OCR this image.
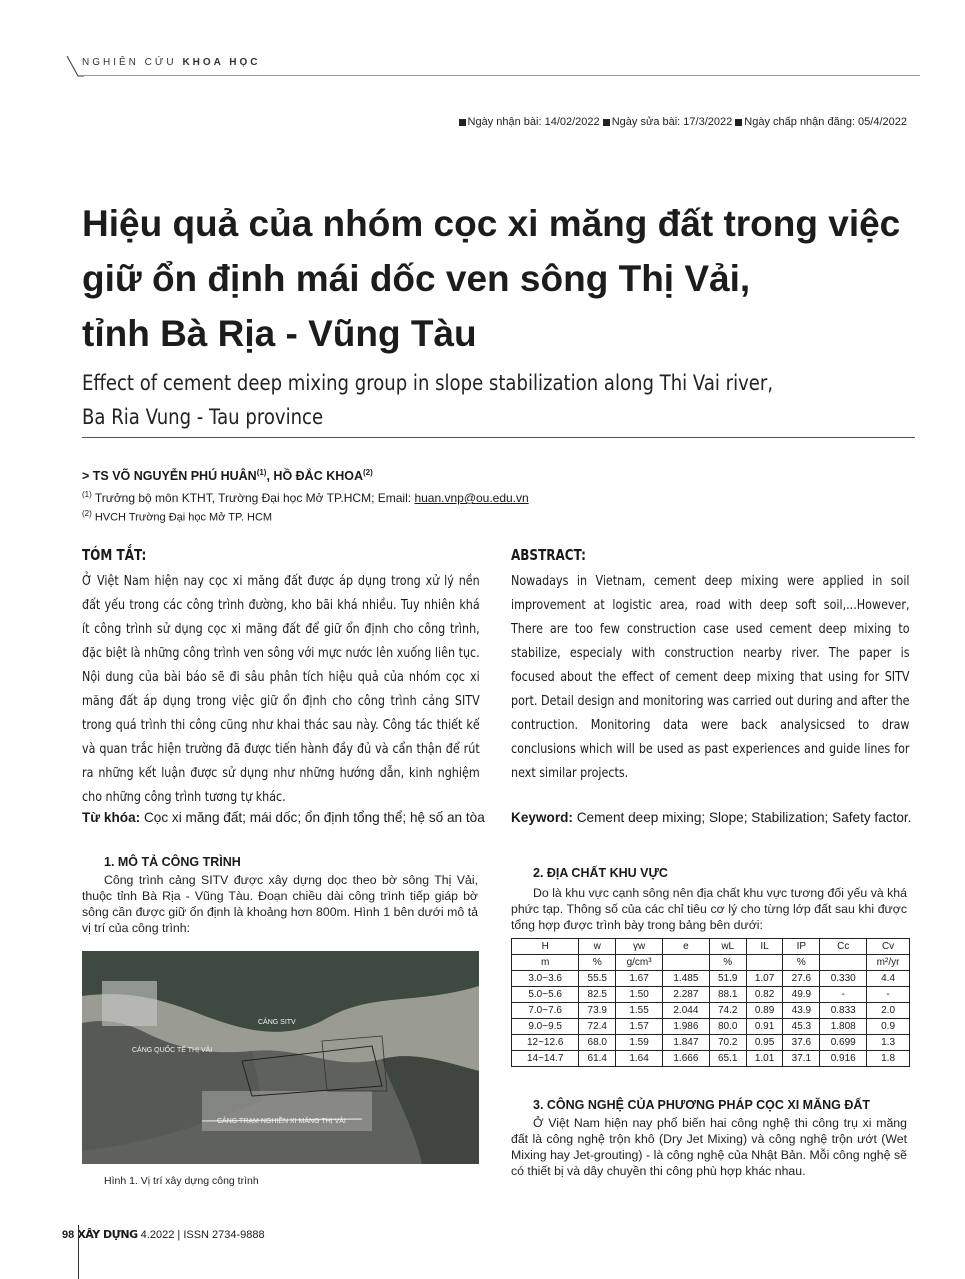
NGHIÊN CỨU KHOA HỌC
Ngày nhận bài: 14/02/2022 Ngày sửa bài: 17/3/2022 Ngày chấp nhận đăng: 05/4/2022
Hiệu quả của nhóm cọc xi măng đất trong việc
giữ ổn định mái dốc ven sông Thị Vải,
tỉnh Bà Rịa - Vũng Tàu
Effect of cement deep mixing group in slope stabilization along Thi Vai river,
Ba Ria Vung - Tau province
> TS VÕ NGUYỄN PHÚ HUÂN$^{(1)}$, HỒ ĐẮC KHOA$^{(2)}$
$^{(1)}$ Trưởng bộ môn KTHT, Trường Đại học Mở TP.HCM; Email: huan.vnp@ou.edu.vn
$^{(2)}$ HVCH Trường Đại học Mở TP. HCM
TÓM TẮT:
Ở Việt Nam hiện nay cọc xi măng đất được áp dụng trong xử lý nền đất yếu trong các công trình đường, kho bãi khá nhiều. Tuy nhiên khá ít công trình sử dụng cọc xi măng đất để giữ ổn định cho công trình, đặc biệt là những công trình ven sông với mực nước lên xuống liên tục. Nội dung của bài báo sẽ đi sâu phân tích hiệu quả của nhóm cọc xi măng đất áp dụng trong việc giữ ổn định cho công trình cảng SITV trong quá trình thi công cũng như khai thác sau này. Công tác thiết kế và quan trắc hiện trường đã được tiến hành đầy đủ và cẩn thận để rút ra những kết luận được sử dụng như những hướng dẫn, kinh nghiệm cho những công trình tương tự khác.
Từ khóa: Cọc xi măng đất; mái dốc; ổn định tổng thể; hệ số an tòa
ABSTRACT:
Nowadays in Vietnam, cement deep mixing were applied in soil improvement at logistic area, road with deep soft soil,...However, There are too few construction case used cement deep mixing to stabilize, especialy with construction nearby river. The paper is focused about the effect of cement deep mixing that using for SITV port. Detail design and monitoring was carried out during and after the contruction. Monitoring data were back analysicsed to draw conclusions which will be used as past experiences and guide lines for next similar projects.
Keyword: Cement deep mixing; Slope; Stabilization; Safety factor.
1. MÔ TẢ CÔNG TRÌNH
Công trình cảng SITV được xây dựng dọc theo bờ sông Thị Vải, thuộc tỉnh Bà Rịa - Vũng Tàu. Đoạn chiều dài công trình tiếp giáp bờ sông cần được giữ ổn định là khoảng hơn 800m. Hình 1 bên dưới mô tả vị trí của công trình:
CẢNG SITV
CẢNG QUỐC TẾ THỊ VẢI
CẢNG TRẠM NGHIỀN XI MĂNG THỊ VẢI
Hình 1. Vị trí xây dựng công trình
2. ĐỊA CHẤT KHU VỰC
Do là khu vực cạnh sông nên địa chất khu vực tương đối yếu và khá phức tạp. Thông số của các chỉ tiêu cơ lý cho từng lớp đất sau khi được tổng hợp được trình bày trong bảng bên dưới:
H	w	γw	e	wL	IL	IP	Cc	Cv
m	%	g/cm³		%		%		m²/yr
3.0~3.6	55.5	1.67	1.485	51.9	1.07	27.6	0.330	4.4
5.0~5.6	82.5	1.50	2.287	88.1	0.82	49.9	-	-
7.0~7.6	73.9	1.55	2.044	74.2	0.89	43.9	0.833	2.0
9.0~9.5	72.4	1.57	1.986	80.0	0.91	45.3	1.808	0.9
12~12.6	68.0	1.59	1.847	70.2	0.95	37.6	0.699	1.3
14~14.7	61.4	1.64	1.666	65.1	1.01	37.1	0.916	1.8
3. CÔNG NGHỆ CỦA PHƯƠNG PHÁP CỌC XI MĂNG ĐẤT
Ở Việt Nam hiện nay phổ biến hai công nghệ thi công trụ xi măng đất là công nghệ trộn khô (Dry Jet Mixing) và công nghệ trộn ướt (Wet Mixing hay Jet-grouting) - là công nghệ của Nhật Bản. Mỗi công nghệ sẽ có thiết bị và dây chuyền thi công phù hợp khác nhau.
98 XÂY DỰNG 4.2022 | ISSN 2734-9888
